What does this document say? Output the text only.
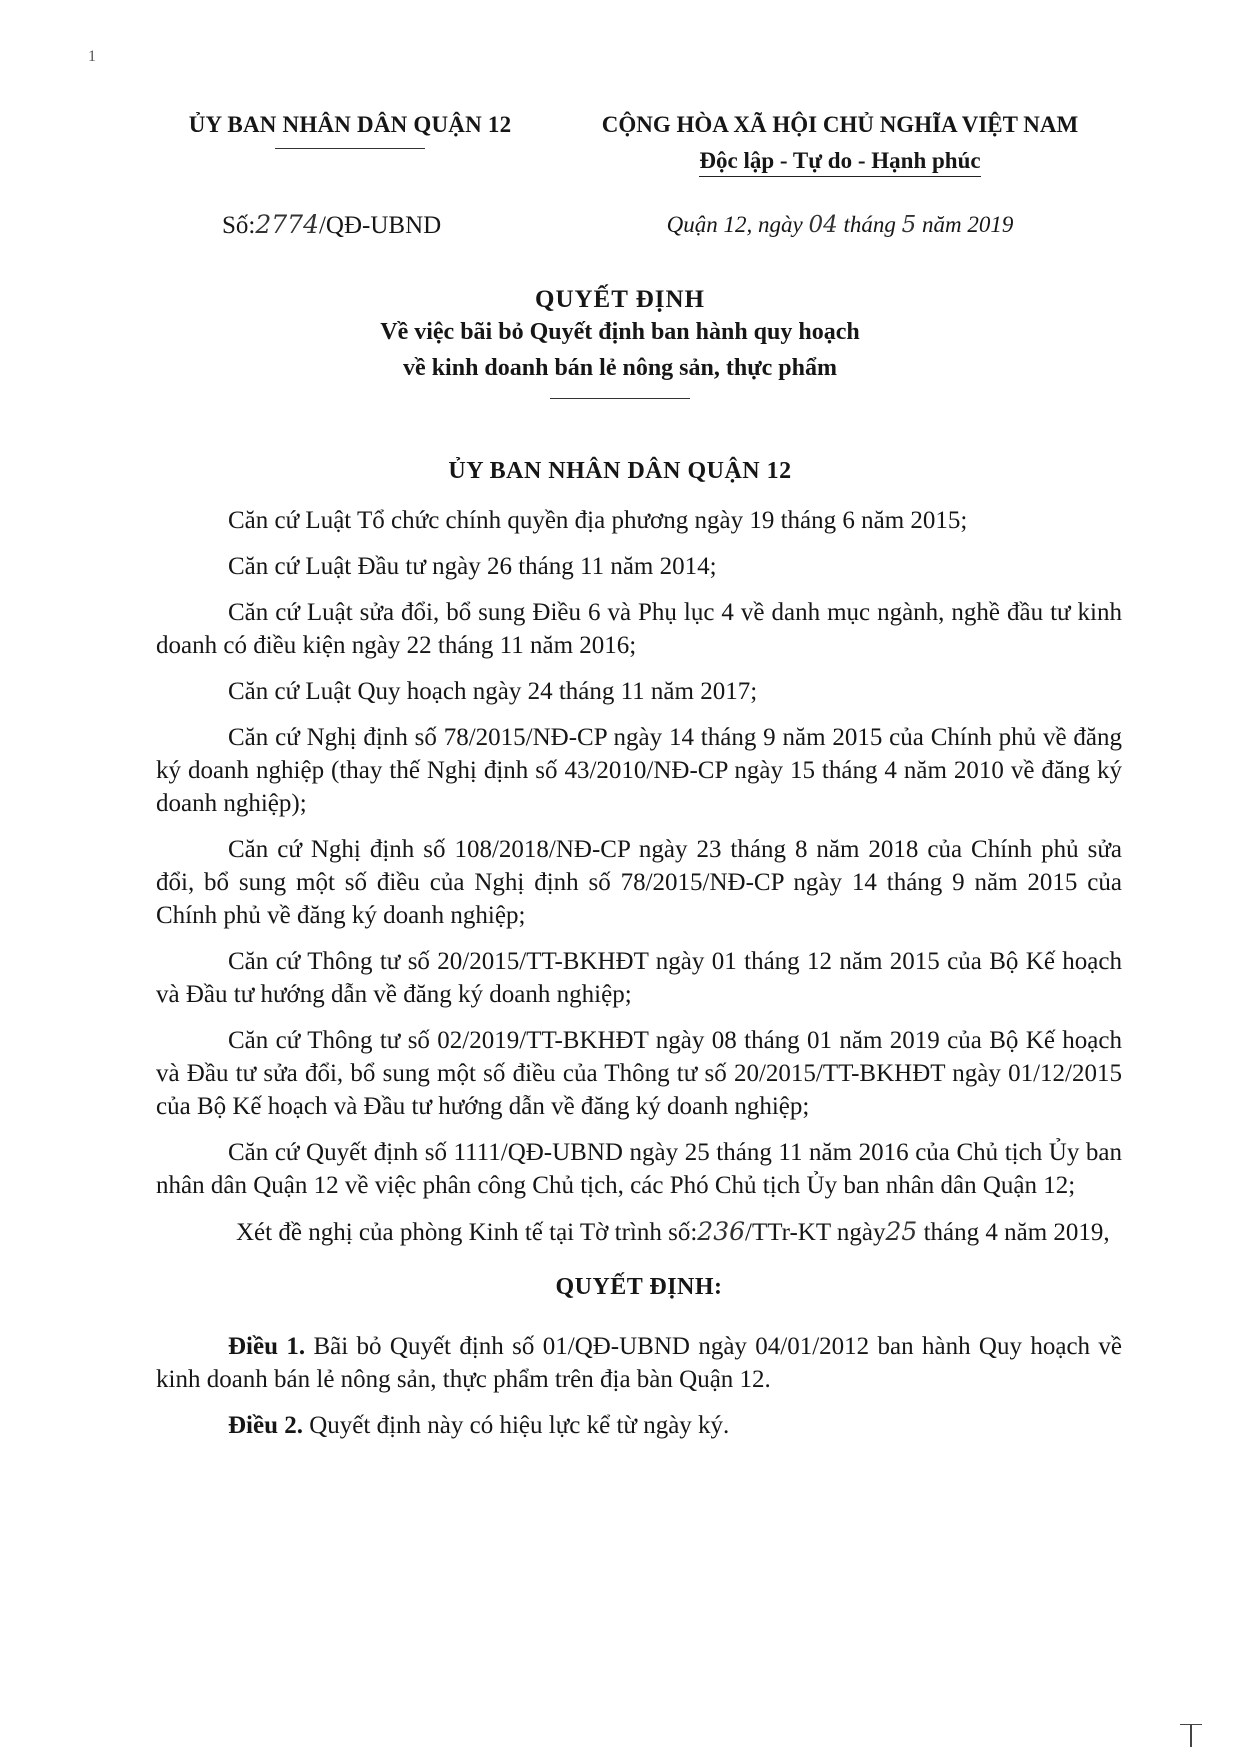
1
ỦY BAN NHÂN DÂN QUẬN 12	CỘNG HÒA XÃ HỘI CHỦ NGHĨA VIỆT NAM
Độc lập - Tự do - Hạnh phúc
Số:2774/QĐ-UBND	Quận 12, ngày 04 tháng 5 năm 2019
QUYẾT ĐỊNH
Về việc bãi bỏ Quyết định ban hành quy hoạch
về kinh doanh bán lẻ nông sản, thực phẩm
ỦY BAN NHÂN DÂN QUẬN 12

Căn cứ Luật Tổ chức chính quyền địa phương ngày 19 tháng 6 năm 2015;

Căn cứ Luật Đầu tư ngày 26 tháng 11 năm 2014;

Căn cứ Luật sửa đổi, bổ sung Điều 6 và Phụ lục 4 về danh mục ngành, nghề đầu tư kinh doanh có điều kiện ngày 22 tháng 11 năm 2016;

Căn cứ Luật Quy hoạch ngày 24 tháng 11 năm 2017;

Căn cứ Nghị định số 78/2015/NĐ-CP ngày 14 tháng 9 năm 2015 của Chính phủ về đăng ký doanh nghiệp (thay thế Nghị định số 43/2010/NĐ-CP ngày 15 tháng 4 năm 2010 về đăng ký doanh nghiệp);

Căn cứ Nghị định số 108/2018/NĐ-CP ngày 23 tháng 8 năm 2018 của Chính phủ sửa đổi, bổ sung một số điều của Nghị định số 78/2015/NĐ-CP ngày 14 tháng 9 năm 2015 của Chính phủ về đăng ký doanh nghiệp;

Căn cứ Thông tư số 20/2015/TT-BKHĐT ngày 01 tháng 12 năm 2015 của Bộ Kế hoạch và Đầu tư hướng dẫn về đăng ký doanh nghiệp;

Căn cứ Thông tư số 02/2019/TT-BKHĐT ngày 08 tháng 01 năm 2019 của Bộ Kế hoạch và Đầu tư sửa đổi, bổ sung một số điều của Thông tư số 20/2015/TT-BKHĐT ngày 01/12/2015 của Bộ Kế hoạch và Đầu tư hướng dẫn về đăng ký doanh nghiệp;

Căn cứ Quyết định số 1111/QĐ-UBND ngày 25 tháng 11 năm 2016 của Chủ tịch Ủy ban nhân dân Quận 12 về việc phân công Chủ tịch, các Phó Chủ tịch Ủy ban nhân dân Quận 12;

Xét đề nghị của phòng Kinh tế tại Tờ trình số:236/TTr-KT ngày25 tháng 4 năm 2019,

QUYẾT ĐỊNH:

Điều 1. Bãi bỏ Quyết định số 01/QĐ-UBND ngày 04/01/2012 ban hành Quy hoạch về kinh doanh bán lẻ nông sản, thực phẩm trên địa bàn Quận 12.

Điều 2. Quyết định này có hiệu lực kể từ ngày ký.
